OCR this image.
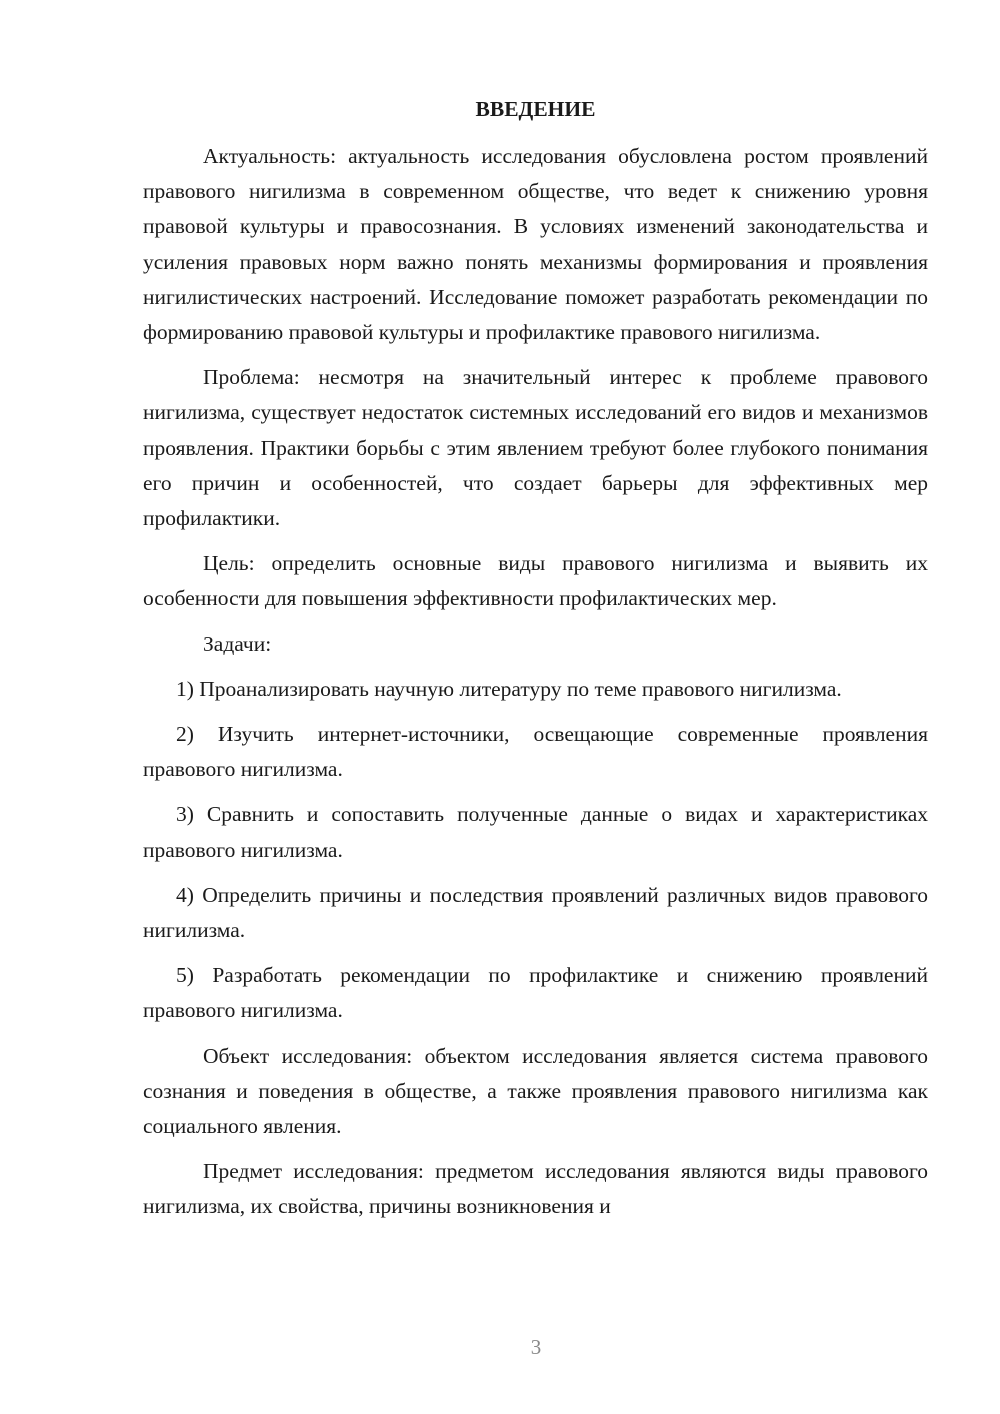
ВВЕДЕНИЕ

Актуальность: актуальность исследования обусловлена ростом проявлений правового нигилизма в современном обществе, что ведет к снижению уровня правовой культуры и правосознания. В условиях изменений законодательства и усиления правовых норм важно понять механизмы формирования и проявления нигилистических настроений. Исследование поможет разработать рекомендации по формированию правовой культуры и профилактике правового нигилизма.

Проблема: несмотря на значительный интерес к проблеме правового нигилизма, существует недостаток системных исследований его видов и механизмов проявления. Практики борьбы с этим явлением требуют более глубокого понимания его причин и особенностей, что создает барьеры для эффективных мер профилактики.

Цель: определить основные виды правового нигилизма и выявить их особенности для повышения эффективности профилактических мер.

Задачи:

1) Проанализировать научную литературу по теме правового нигилизма.

2) Изучить интернет-источники, освещающие современные проявления правового нигилизма.

3) Сравнить и сопоставить полученные данные о видах и характеристиках правового нигилизма.

4) Определить причины и последствия проявлений различных видов правового нигилизма.

5) Разработать рекомендации по профилактике и снижению проявлений правового нигилизма.

Объект исследования: объектом исследования является система правового сознания и поведения в обществе, а также проявления правового нигилизма как социального явления.

Предмет исследования: предметом исследования являются виды правового нигилизма, их свойства, причины возникновения и

3
